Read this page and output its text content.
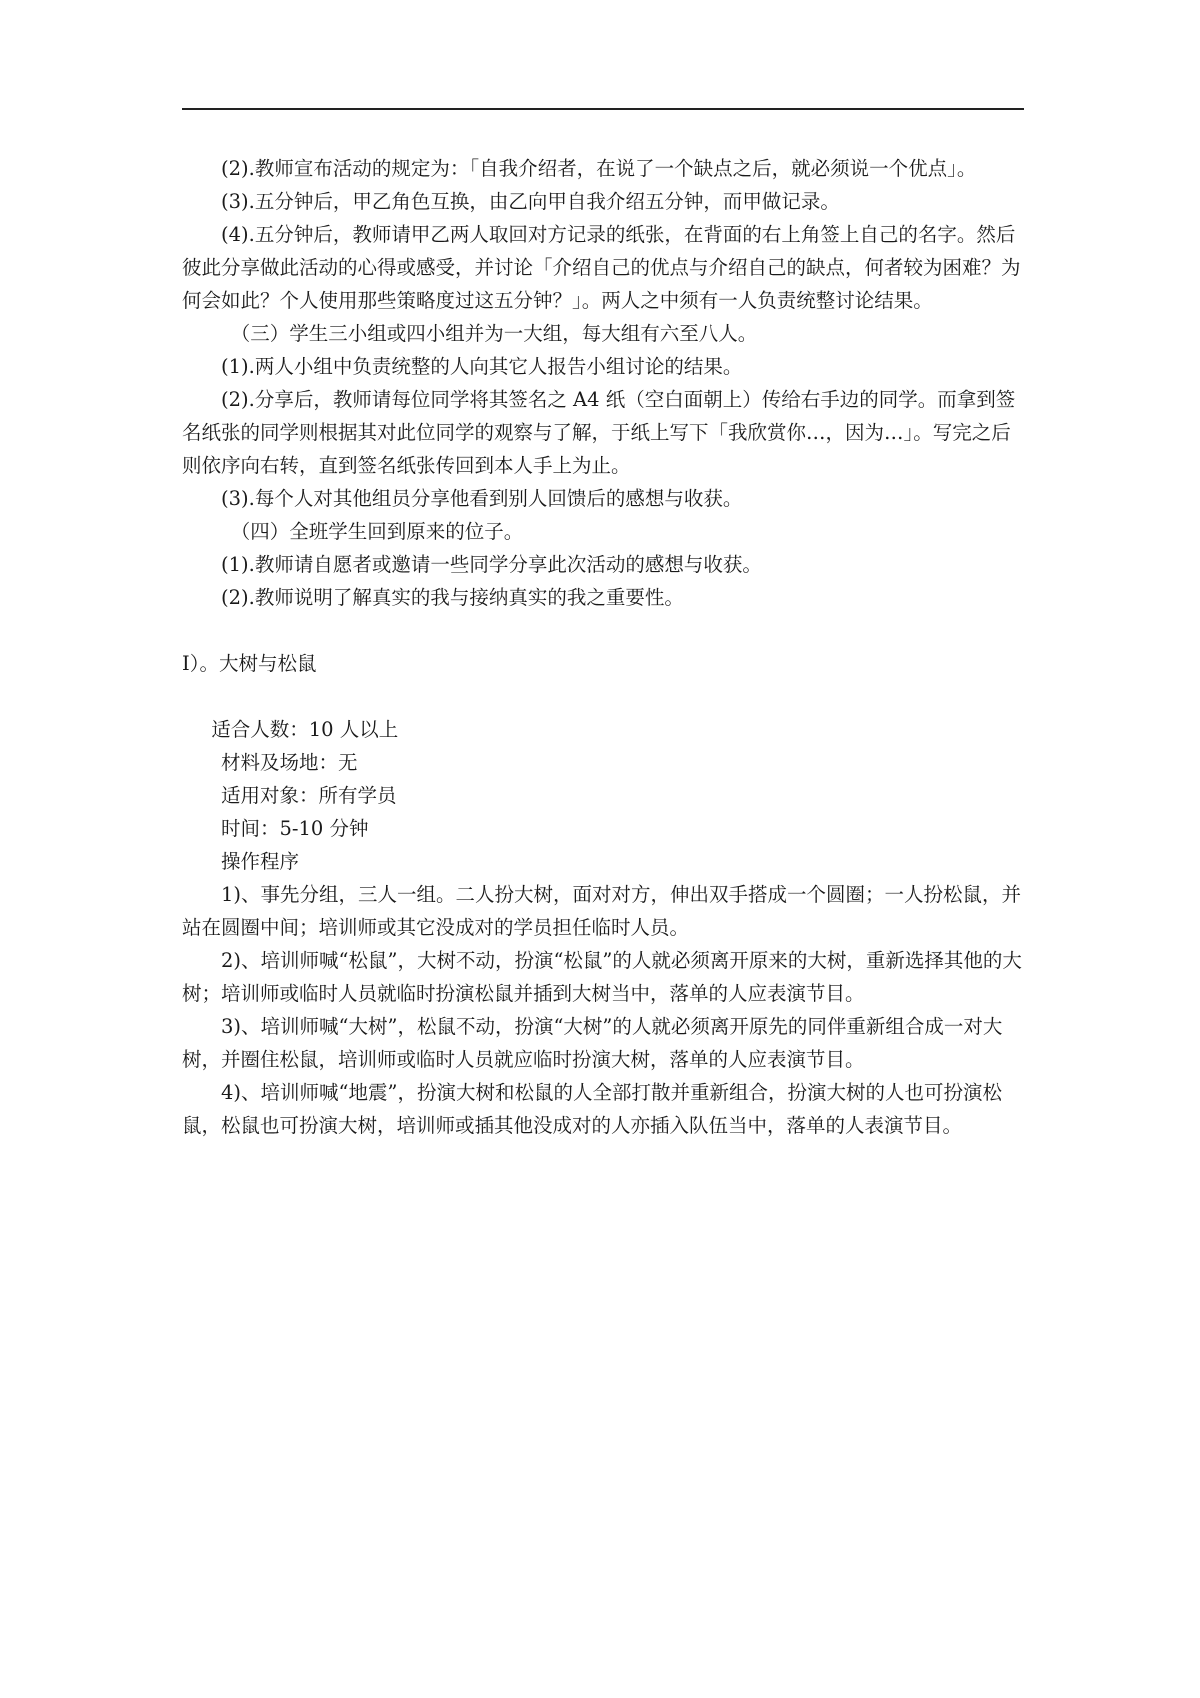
(2).教师宣布活动的规定为：「自我介绍者，在说了一个缺点之后，就必须说一个优点」。

(3).五分钟后，甲乙角色互换，由乙向甲自我介绍五分钟，而甲做记录。

(4).五分钟后，教师请甲乙两人取回对方记录的纸张，在背面的右上角签上自己的名字。然后彼此分享做此活动的心得或感受，并讨论「介绍自己的优点与介绍自己的缺点，何者较为困难？为何会如此？个人使用那些策略度过这五分钟？」。两人之中须有一人负责统整讨论结果。

（三）学生三小组或四小组并为一大组，每大组有六至八人。

(1).两人小组中负责统整的人向其它人报告小组讨论的结果。

(2).分享后，教师请每位同学将其签名之 A4 纸（空白面朝上）传给右手边的同学。而拿到签名纸张的同学则根据其对此位同学的观察与了解，于纸上写下「我欣赏你…，因为…」。写完之后则依序向右转，直到签名纸张传回到本人手上为止。

(3).每个人对其他组员分享他看到别人回馈后的感想与收获。

（四）全班学生回到原来的位子。

(1).教师请自愿者或邀请一些同学分享此次活动的感想与收获。

(2).教师说明了解真实的我与接纳真实的我之重要性。

I）。大树与松鼠

适合人数：10 人以上

材料及场地：无

适用对象：所有学员

时间：5-10 分钟

操作程序

1)、事先分组，三人一组。二人扮大树，面对对方，伸出双手搭成一个圆圈；一人扮松鼠，并站在圆圈中间；培训师或其它没成对的学员担任临时人员。

2)、培训师喊“松鼠”，大树不动，扮演“松鼠”的人就必须离开原来的大树，重新选择其他的大树；培训师或临时人员就临时扮演松鼠并插到大树当中，落单的人应表演节目。

3)、培训师喊“大树”，松鼠不动，扮演“大树”的人就必须离开原先的同伴重新组合成一对大树，并圈住松鼠，培训师或临时人员就应临时扮演大树，落单的人应表演节目。

4)、培训师喊“地震”，扮演大树和松鼠的人全部打散并重新组合，扮演大树的人也可扮演松鼠，松鼠也可扮演大树，培训师或插其他没成对的人亦插入队伍当中，落单的人表演节目。
